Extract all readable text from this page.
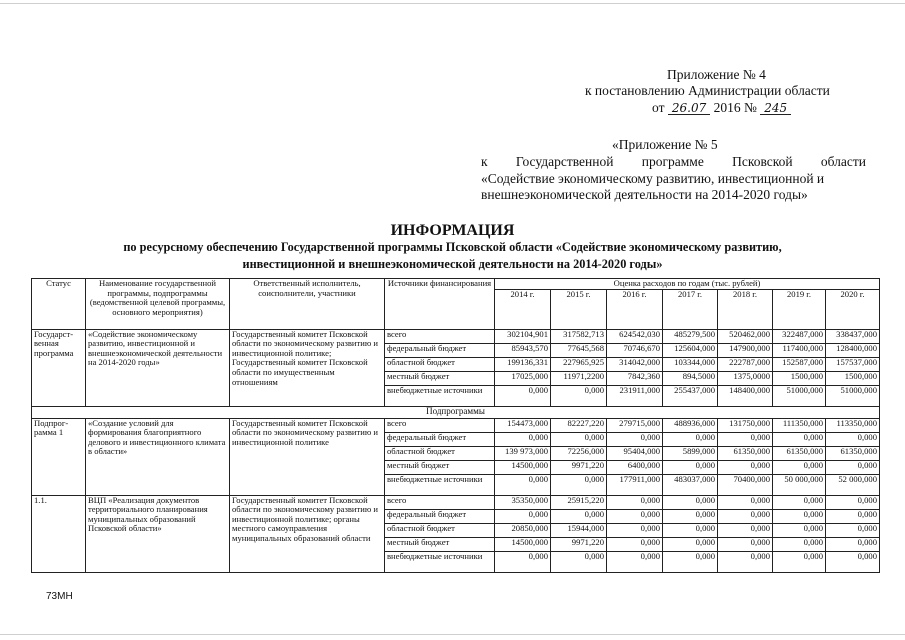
Приложение № 4
к постановлению Администрации области
от 26.07 2016 № 245
«Приложение № 5
к Государственной программе Псковской области
«Содействие экономическому развитию, инвестиционной и
внешнеэкономической деятельности на 2014-2020 годы»
ИНФОРМАЦИЯ
по ресурсному обеспечению Государственной программы Псковской области «Содействие экономическому развитию,
инвестиционной и внешнеэкономической деятельности на 2014-2020 годы»
Статус	Наименование государственной программы, подпрограммы (ведомственной целевой программы, основного мероприятия)	Ответственный исполнитель, соисполнители, участники	Источники финансирования	Оценка расходов по годам (тыс. рублей)						
				2014 г.	2015 г.	2016 г.	2017 г.	2018 г.	2019 г.	2020 г.
Государст- венная программа	«Содействие экономическому развитию, инвестиционной и внешнеэкономической деятельности на 2014-2020 годы»	Государственный комитет Псковской области по экономическому развитию и инвестиционной политике; Государственный комитет Псковской области по имущественным отношениям	всего	302104,901	317582,713	624542,030	485279,500	520462,000	322487,000	338437,000
			федеральный бюджет	85943,570	77645,568	70746,670	125604,000	147900,000	117400,000	128400,000
			областной бюджет	199136,331	227965,925	314042,000	103344,000	222787,000	152587,000	157537,000
			местный бюджет	17025,000	11971,2200	7842,360	894,5000	1375,0000	1500,000	1500,000
			внебюджетные источники	0,000	0,000	231911,000	255437,000	148400,000	51000,000	51000,000
Подпрограммы										
Подпрог- рамма 1	«Создание условий для формирования благоприятного делового и инвестиционного климата в области»	Государственный комитет Псковской области по экономическому развитию и инвестиционной политике	всего	154473,000	82227,220	279715,000	488936,000	131750,000	111350,000	113350,000
			федеральный бюджет	0,000	0,000	0,000	0,000	0,000	0,000	0,000
			областной бюджет	139 973,000	72256,000	95404,000	5899,000	61350,000	61350,000	61350,000
			местный бюджет	14500,000	9971,220	6400,000	0,000	0,000	0,000	0,000
			внебюджетные источники	0,000	0,000	177911,000	483037,000	70400,000	50 000,000	52 000,000
1.1.	ВЦП «Реализация документов территориального планирования муниципальных образований Псковской области»	Государственный комитет Псковской области по экономическому развитию и инвестиционной политике; органы местного самоуправления муниципальных образований области	всего	35350,000	25915,220	0,000	0,000	0,000	0,000	0,000
			федеральный бюджет	0,000	0,000	0,000	0,000	0,000	0,000	0,000
			областной бюджет	20850,000	15944,000	0,000	0,000	0,000	0,000	0,000
			местный бюджет	14500,000	9971,220	0,000	0,000	0,000	0,000	0,000
			внебюджетные источники	0,000	0,000	0,000	0,000	0,000	0,000	0,000
73МН
